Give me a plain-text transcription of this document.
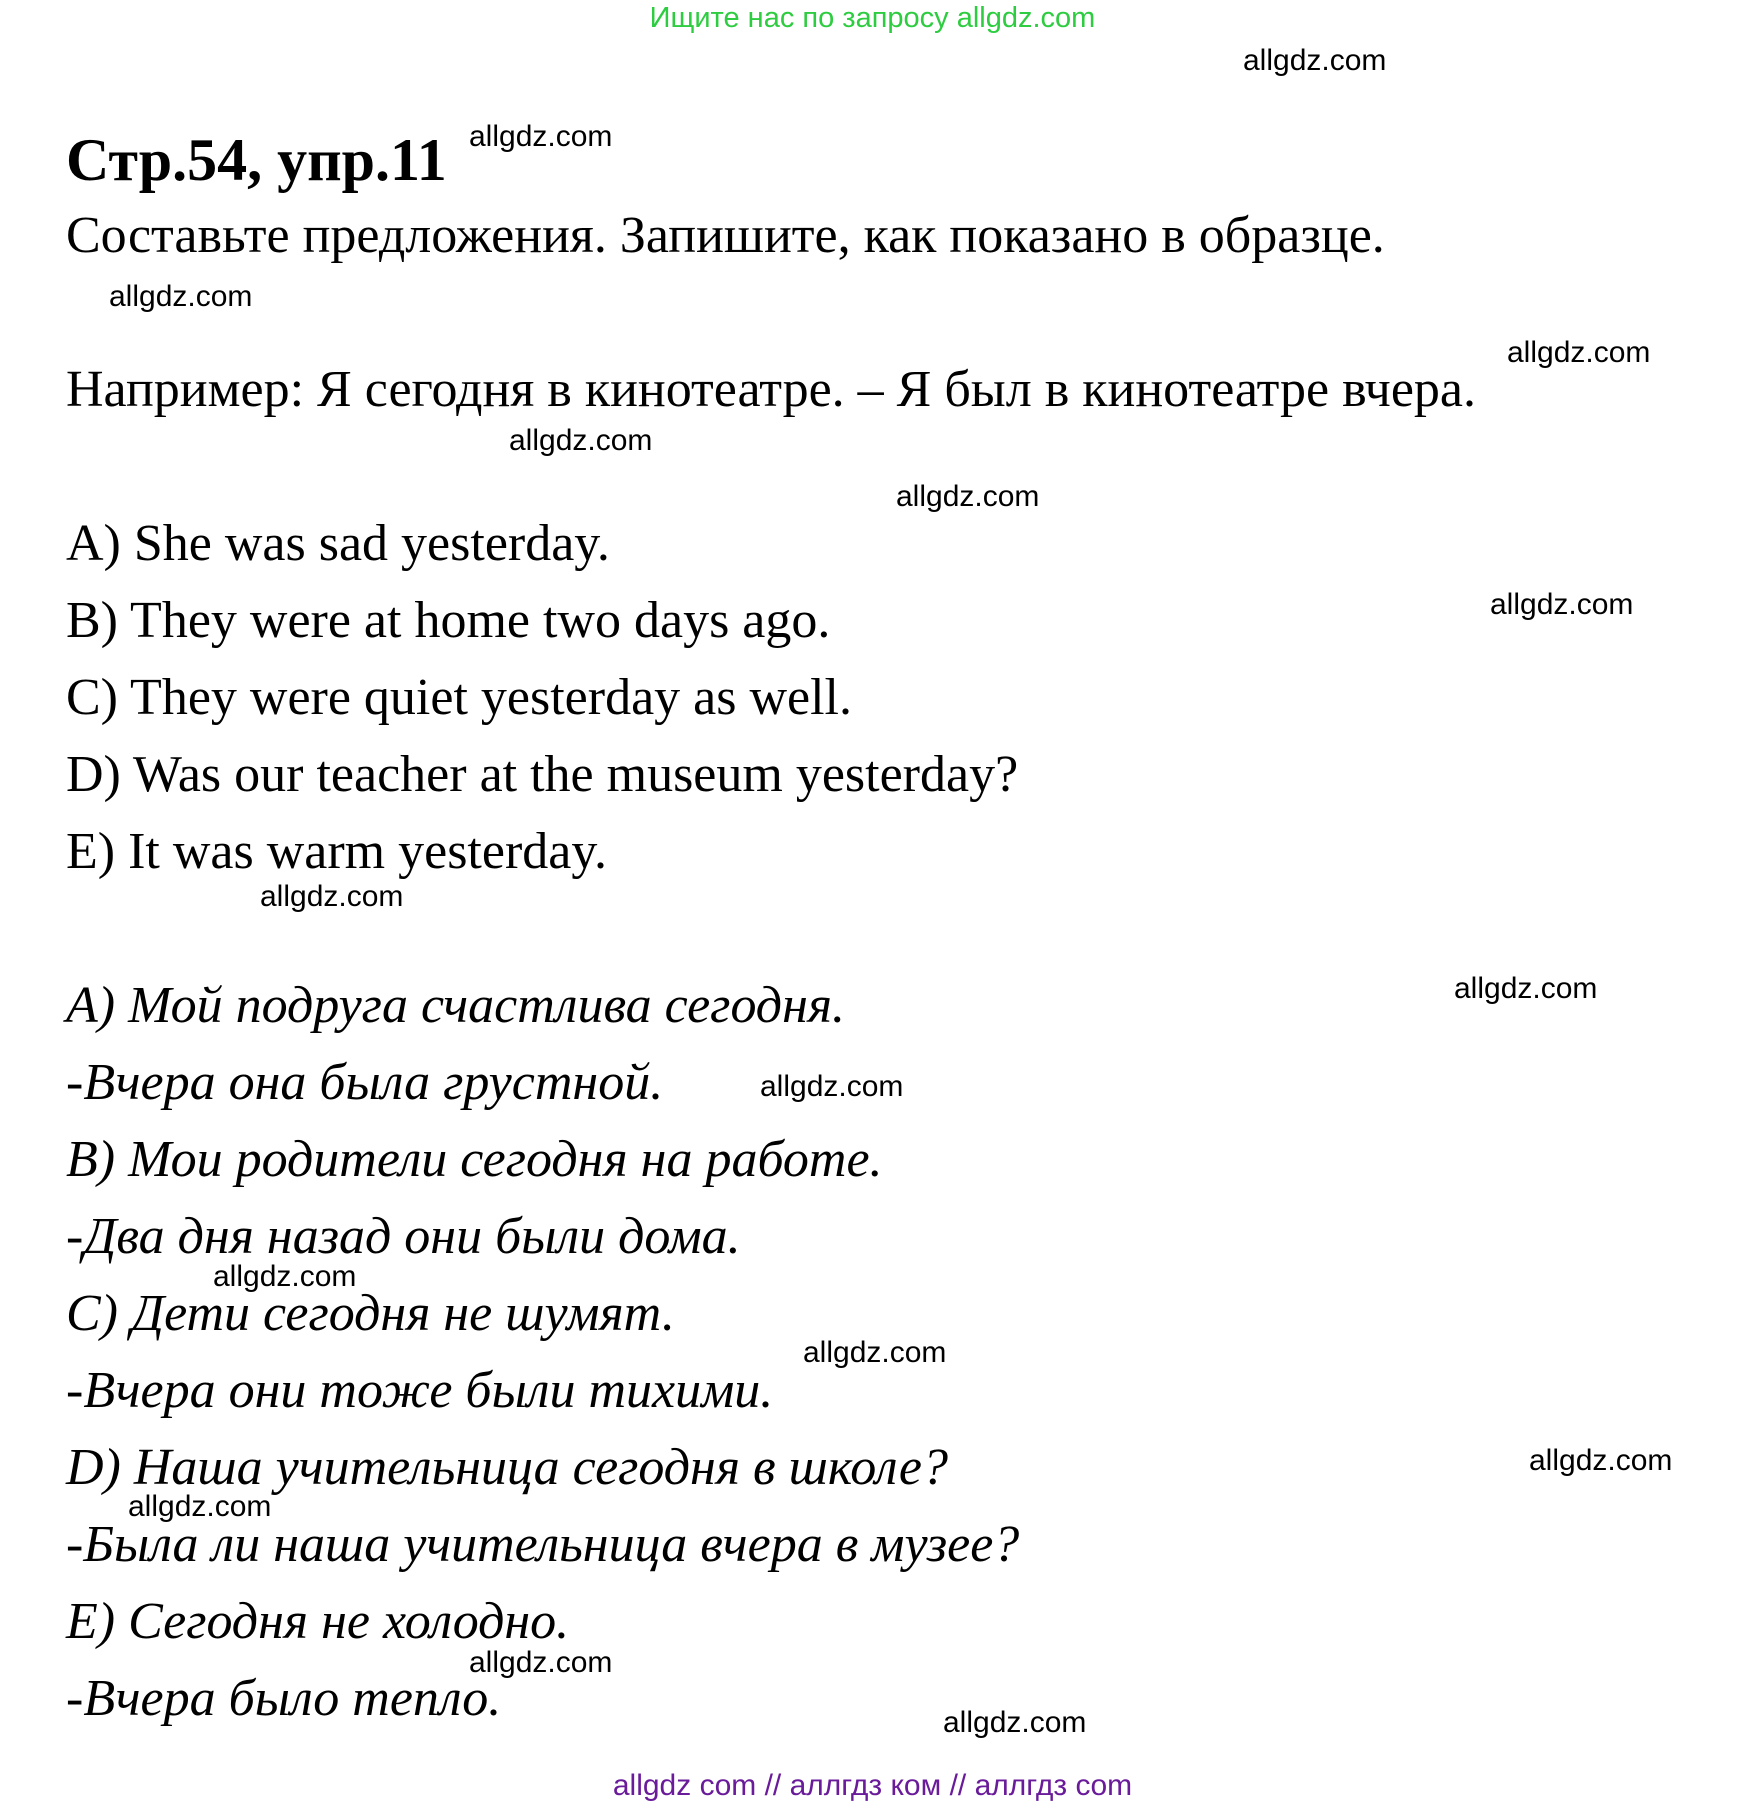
Ищите нас по запросу allgdz.com
allgdz.com
Стр.54, упр.11 allgdz.com
Составьте предложения. Запишите, как показано в образце.
allgdz.com
allgdz.com
Например: Я сегодня в кинотеатре. – Я был в кинотеатре вчера.
allgdz.com
allgdz.com
A) She was sad yesterday.
allgdz.com
B) They were at home two days ago.
C) They were quiet yesterday as well.
D) Was our teacher at the museum yesterday?
E) It was warm yesterday.
allgdz.com
allgdz.com
A) Мой подруга счастлива сегодня.
-Вчера она была грустной.	allgdz.com
B) Мои родители сегодня на работе.
-Два дня назад они были дома.
allgdz.com
C) Дети сегодня не шумят.
allgdz.com
-Вчера они тоже были тихими.
allgdz.com
D) Наша учительница сегодня в школе?
allgdz.com
-Была ли наша учительница вчера в музее?
E) Сегодня не холодно.
allgdz.com
-Вчера было тепло.	allgdz.com
allgdz com // аллгдз ком // аллгдз com
